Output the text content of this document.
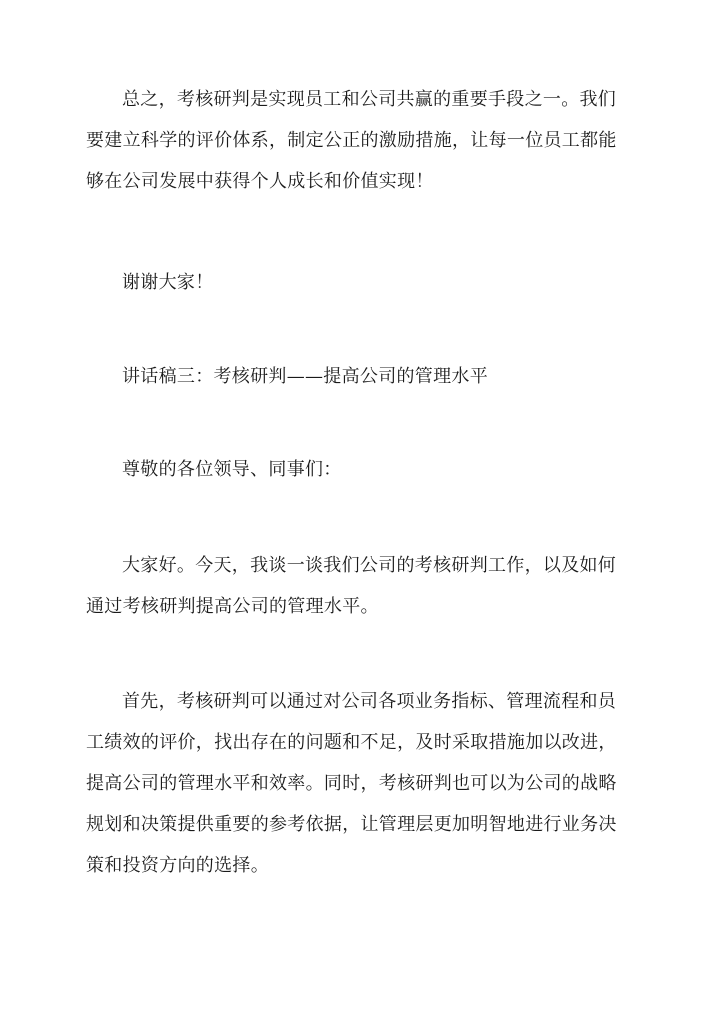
总之，考核研判是实现员工和公司共赢的重要手段之一。我们要建立科学的评价体系，制定公正的激励措施，让每一位员工都能够在公司发展中获得个人成长和价值实现！

谢谢大家！

讲话稿三：考核研判——提高公司的管理水平

尊敬的各位领导、同事们：

大家好。今天，我谈一谈我们公司的考核研判工作，以及如何通过考核研判提高公司的管理水平。

首先，考核研判可以通过对公司各项业务指标、管理流程和员工绩效的评价，找出存在的问题和不足，及时采取措施加以改进，提高公司的管理水平和效率。同时，考核研判也可以为公司的战略规划和决策提供重要的参考依据，让管理层更加明智地进行业务决策和投资方向的选择。
